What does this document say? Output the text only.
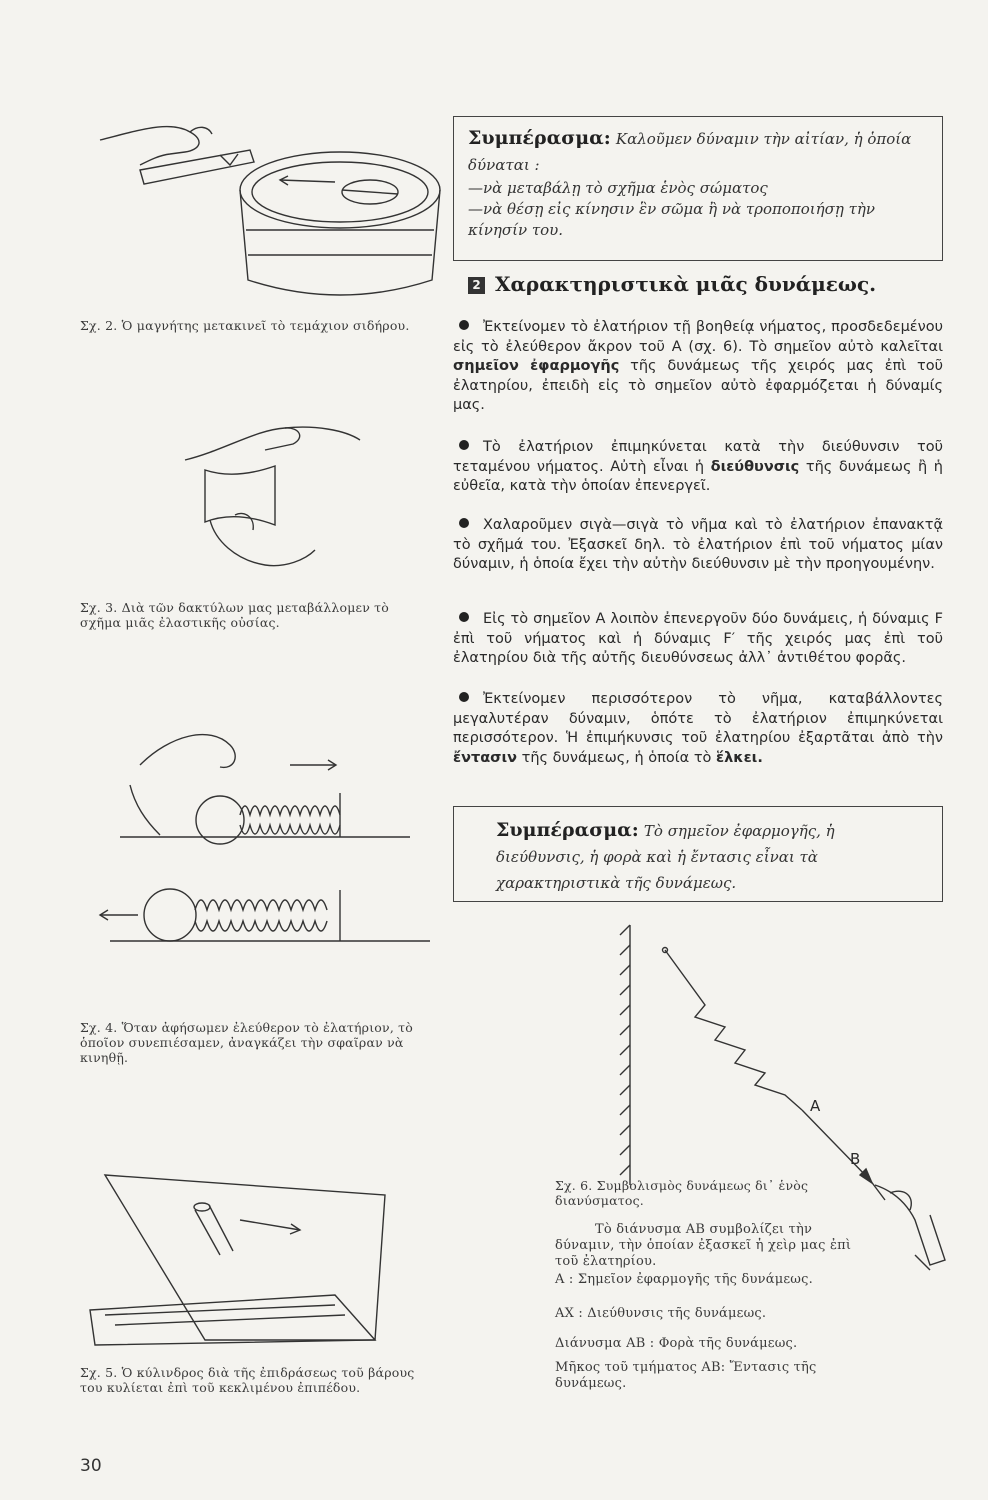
Σχ. 2. Ὁ μαγνήτης μετακινεῖ τὸ τεμάχιον σιδήρου.
Σχ. 3. Διὰ τῶν δακτύλων μας μεταβάλλομεν τὸ σχῆμα μιᾶς ἐλαστικῆς οὐσίας.
Σχ. 4. Ὅταν ἀφήσωμεν ἐλεύθερον τὸ ἐλατήριον, τὸ ὁποῖον συνεπιέσαμεν, ἀναγκάζει τὴν σφαῖραν νὰ κινηθῇ.
Σχ. 5. Ὁ κύλινδρος διὰ τῆς ἐπιδράσεως τοῦ βάρους του κυλίεται ἐπὶ τοῦ κεκλιμένου ἐπιπέδου.
30
Συμπέρασμα: Καλοῦμεν δύναμιν τὴν αἰτίαν, ἡ ὁποία δύναται :
—νὰ μεταβάλῃ τὸ σχῆμα ἑνὸς σώματος
—νὰ θέσῃ εἰς κίνησιν ἓν σῶμα ἢ νὰ τροποποιήσῃ τὴν κίνησίν του.
2 Χαρακτηριστικὰ μιᾶς δυνάμεως.
Ἐκτείνομεν τὸ ἐλατήριον τῇ βοηθείᾳ νήματος, προσδεδεμένου εἰς τὸ ἐλεύθερον ἄκρον τοῦ Α (σχ. 6). Τὸ σημεῖον αὐτὸ καλεῖται σημεῖον ἐφαρμογῆς τῆς δυνάμεως τῆς χειρός μας ἐπὶ τοῦ ἐλατηρίου, ἐπειδὴ εἰς τὸ σημεῖον αὐτὸ ἐφαρμόζεται ἡ δύναμίς μας.
Τὸ ἐλατήριον ἐπιμηκύνεται κατὰ τὴν διεύθυνσιν τοῦ τεταμένου νήματος. Αὐτὴ εἶναι ἡ διεύθυνσις τῆς δυνάμεως ἢ ἡ εὐθεῖα, κατὰ τὴν ὁποίαν ἐπενεργεῖ.
Χαλαροῦμεν σιγὰ—σιγὰ τὸ νῆμα καὶ τὸ ἐλατήριον ἐπανακτᾷ τὸ σχῆμά του. Ἐξασκεῖ δηλ. τὸ ἐλατήριον ἐπὶ τοῦ νήματος μίαν δύναμιν, ἡ ὁποία ἔχει τὴν αὐτὴν διεύθυνσιν μὲ τὴν προηγουμένην.
Εἰς τὸ σημεῖον Α λοιπὸν ἐπενεργοῦν δύο δυνάμεις, ἡ δύναμις F ἐπὶ τοῦ νήματος καὶ ἡ δύναμις F′ τῆς χειρός μας ἐπὶ τοῦ ἐλατηρίου διὰ τῆς αὐτῆς διευθύνσεως ἀλλ᾽ ἀντιθέτου φορᾶς.
Ἐκτείνομεν περισσότερον τὸ νῆμα, καταβάλλοντες μεγαλυτέραν δύναμιν, ὁπότε τὸ ἐλατήριον ἐπιμηκύνεται περισσότερον. Ἡ ἐπιμήκυνσις τοῦ ἐλατηρίου ἐξαρτᾶται ἀπὸ τὴν ἔντασιν τῆς δυνάμεως, ἡ ὁποία τὸ ἕλκει.
Συμπέρασμα: Τὸ σημεῖον ἐφαρμογῆς, ἡ διεύθυνσις, ἡ φορὰ καὶ ἡ ἔντασις εἶναι τὰ χαρακτηριστικὰ τῆς δυνάμεως.
A
B
Σχ. 6. Συμβολισμὸς δυνάμεως δι᾽ ἑνὸς διανύσματος.
Τὸ διάνυσμα AB συμβολίζει τὴν δύναμιν, τὴν ὁποίαν ἐξασκεῖ ἡ χεὶρ μας ἐπὶ τοῦ ἐλατηρίου.
Α : Σημεῖον ἐφαρμογῆς τῆς δυνάμεως.
ΑΧ : Διεύθυνσις τῆς δυνάμεως.
Διάνυσμα AB : Φορὰ τῆς δυνάμεως.
Μῆκος τοῦ τμήματος AB: Ἔντασις τῆς δυνάμεως.
